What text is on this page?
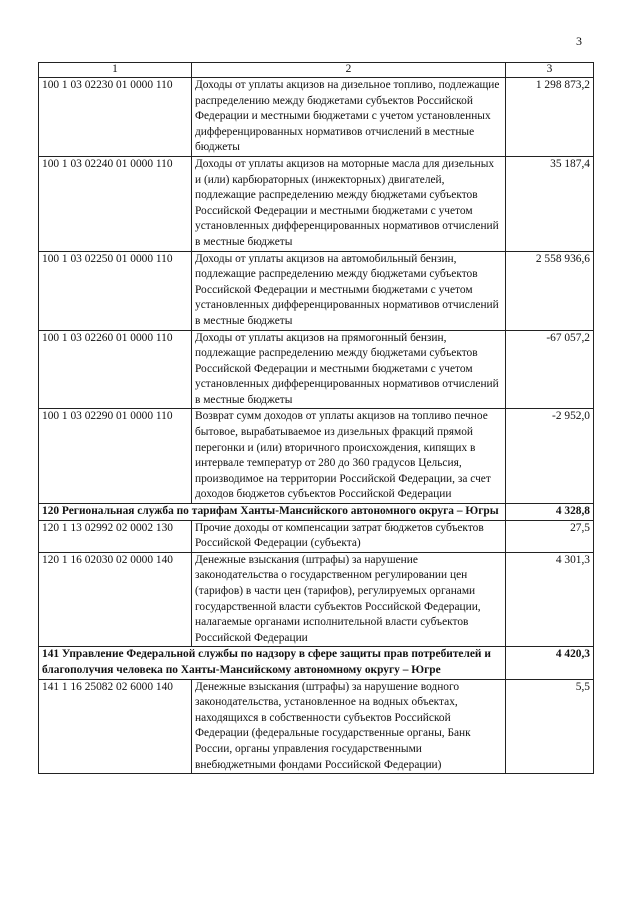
3
1	2	3
100 1 03 02230 01 0000 110	Доходы от уплаты акцизов на дизельное топливо, подлежащие распределению между бюджетами субъектов Российской Федерации и местными бюджетами с учетом установленных дифференцированных нормативов отчислений в местные бюджеты	1 298 873,2
100 1 03 02240 01 0000 110	Доходы от уплаты акцизов на моторные масла для дизельных и (или) карбюраторных (инжекторных) двигателей, подлежащие распределению между бюджетами субъектов Российской Федерации и местными бюджетами с учетом установленных дифференцированных нормативов отчислений в местные бюджеты	35 187,4
100 1 03 02250 01 0000 110	Доходы от уплаты акцизов на автомобильный бензин, подлежащие распределению между бюджетами субъектов Российской Федерации и местными бюджетами с учетом установленных дифференцированных нормативов отчислений в местные бюджеты	2 558 936,6
100 1 03 02260 01 0000 110	Доходы от уплаты акцизов на прямогонный бензин, подлежащие распределению между бюджетами субъектов Российской Федерации и местными бюджетами с учетом установленных дифференцированных нормативов отчислений в местные бюджеты	-67 057,2
100 1 03 02290 01 0000 110	Возврат сумм доходов от уплаты акцизов на топливо печное бытовое, вырабатываемое из дизельных фракций прямой перегонки и (или) вторичного происхождения, кипящих в интервале температур от 280 до 360 градусов Цельсия, производимое на территории Российской Федерации, за счет доходов бюджетов субъектов Российской Федерации	-2 952,0
120 Региональная служба по тарифам Ханты-Мансийского автономного округа – Югры		4 328,8
120 1 13 02992 02 0002 130	Прочие доходы от компенсации затрат бюджетов субъектов Российской Федерации (субъекта)	27,5
120 1 16 02030 02 0000 140	Денежные взыскания (штрафы) за нарушение законодательства о государственном регулировании цен (тарифов) в части цен (тарифов), регулируемых органами государственной власти субъектов Российской Федерации, налагаемые органами исполнительной власти субъектов Российской Федерации	4 301,3
141 Управление Федеральной службы по надзору в сфере защиты прав потребителей и благополучия человека по Ханты-Мансийскому автономному округу – Югре		4 420,3
141 1 16 25082 02 6000 140	Денежные взыскания (штрафы) за нарушение водного законодательства, установленное на водных объектах, находящихся в собственности субъектов Российской Федерации (федеральные государственные органы, Банк России, органы управления государственными внебюджетными фондами Российской Федерации)	5,5
